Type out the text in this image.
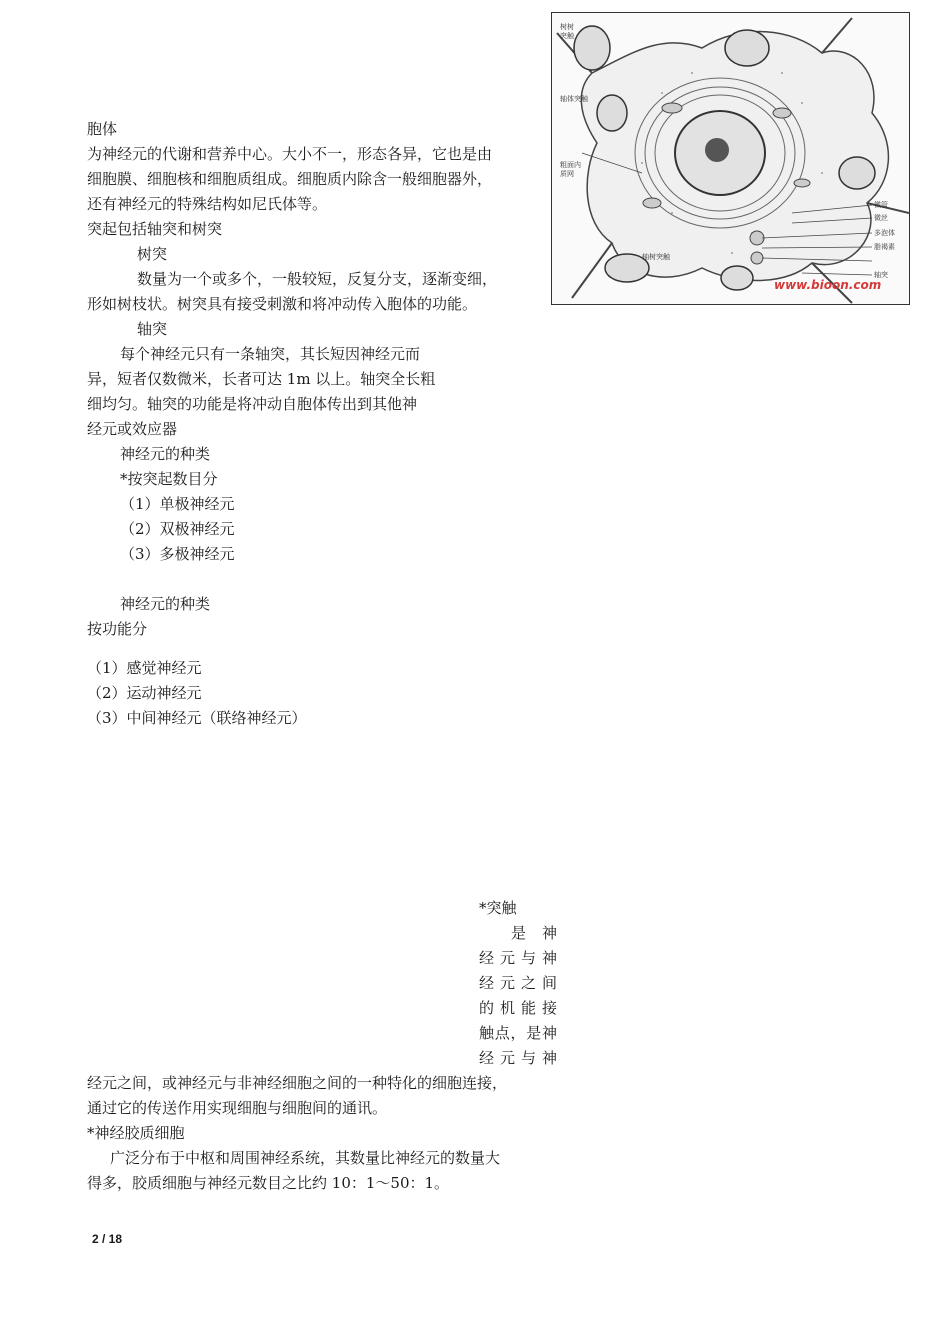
树树
突触
轴体突触
粗面内
质网
微管
微丝
多泡体
脂褐素
轴突
轴树突触
www.bioon.com
胞体
为神经元的代谢和营养中心。大小不一，形态各异，它也是由
细胞膜、细胞核和细胞质组成。细胞质内除含一般细胞器外，
还有神经元的特殊结构如尼氏体等。
突起包括轴突和树突
树突
数量为一个或多个，一般较短，反复分支，逐渐变细，
形如树枝状。树突具有接受刺激和将冲动传入胞体的功能。
轴突
每个神经元只有一条轴突，其长短因神经元而
异，短者仅数微米，长者可达 1m 以上。轴突全长粗
细均匀。轴突的功能是将冲动自胞体传出到其他神
经元或效应器
神经元的种类
*按突起数目分
（1）单极神经元
（2）双极神经元
（3）多极神经元
神经元的种类
按功能分
（1）感觉神经元
（2）运动神经元
（3）中间神经元（联络神经元）
*突触
是 神
经元与神
经元之间
的机能接
触点，是神
经元与神
经元之间，或神经元与非神经细胞之间的一种特化的细胞连接，
通过它的传送作用实现细胞与细胞间的通讯。
*神经胶质细胞
广泛分布于中枢和周围神经系统，其数量比神经元的数量大
得多，胶质细胞与神经元数目之比约 10：1～50：1。
2 / 18
